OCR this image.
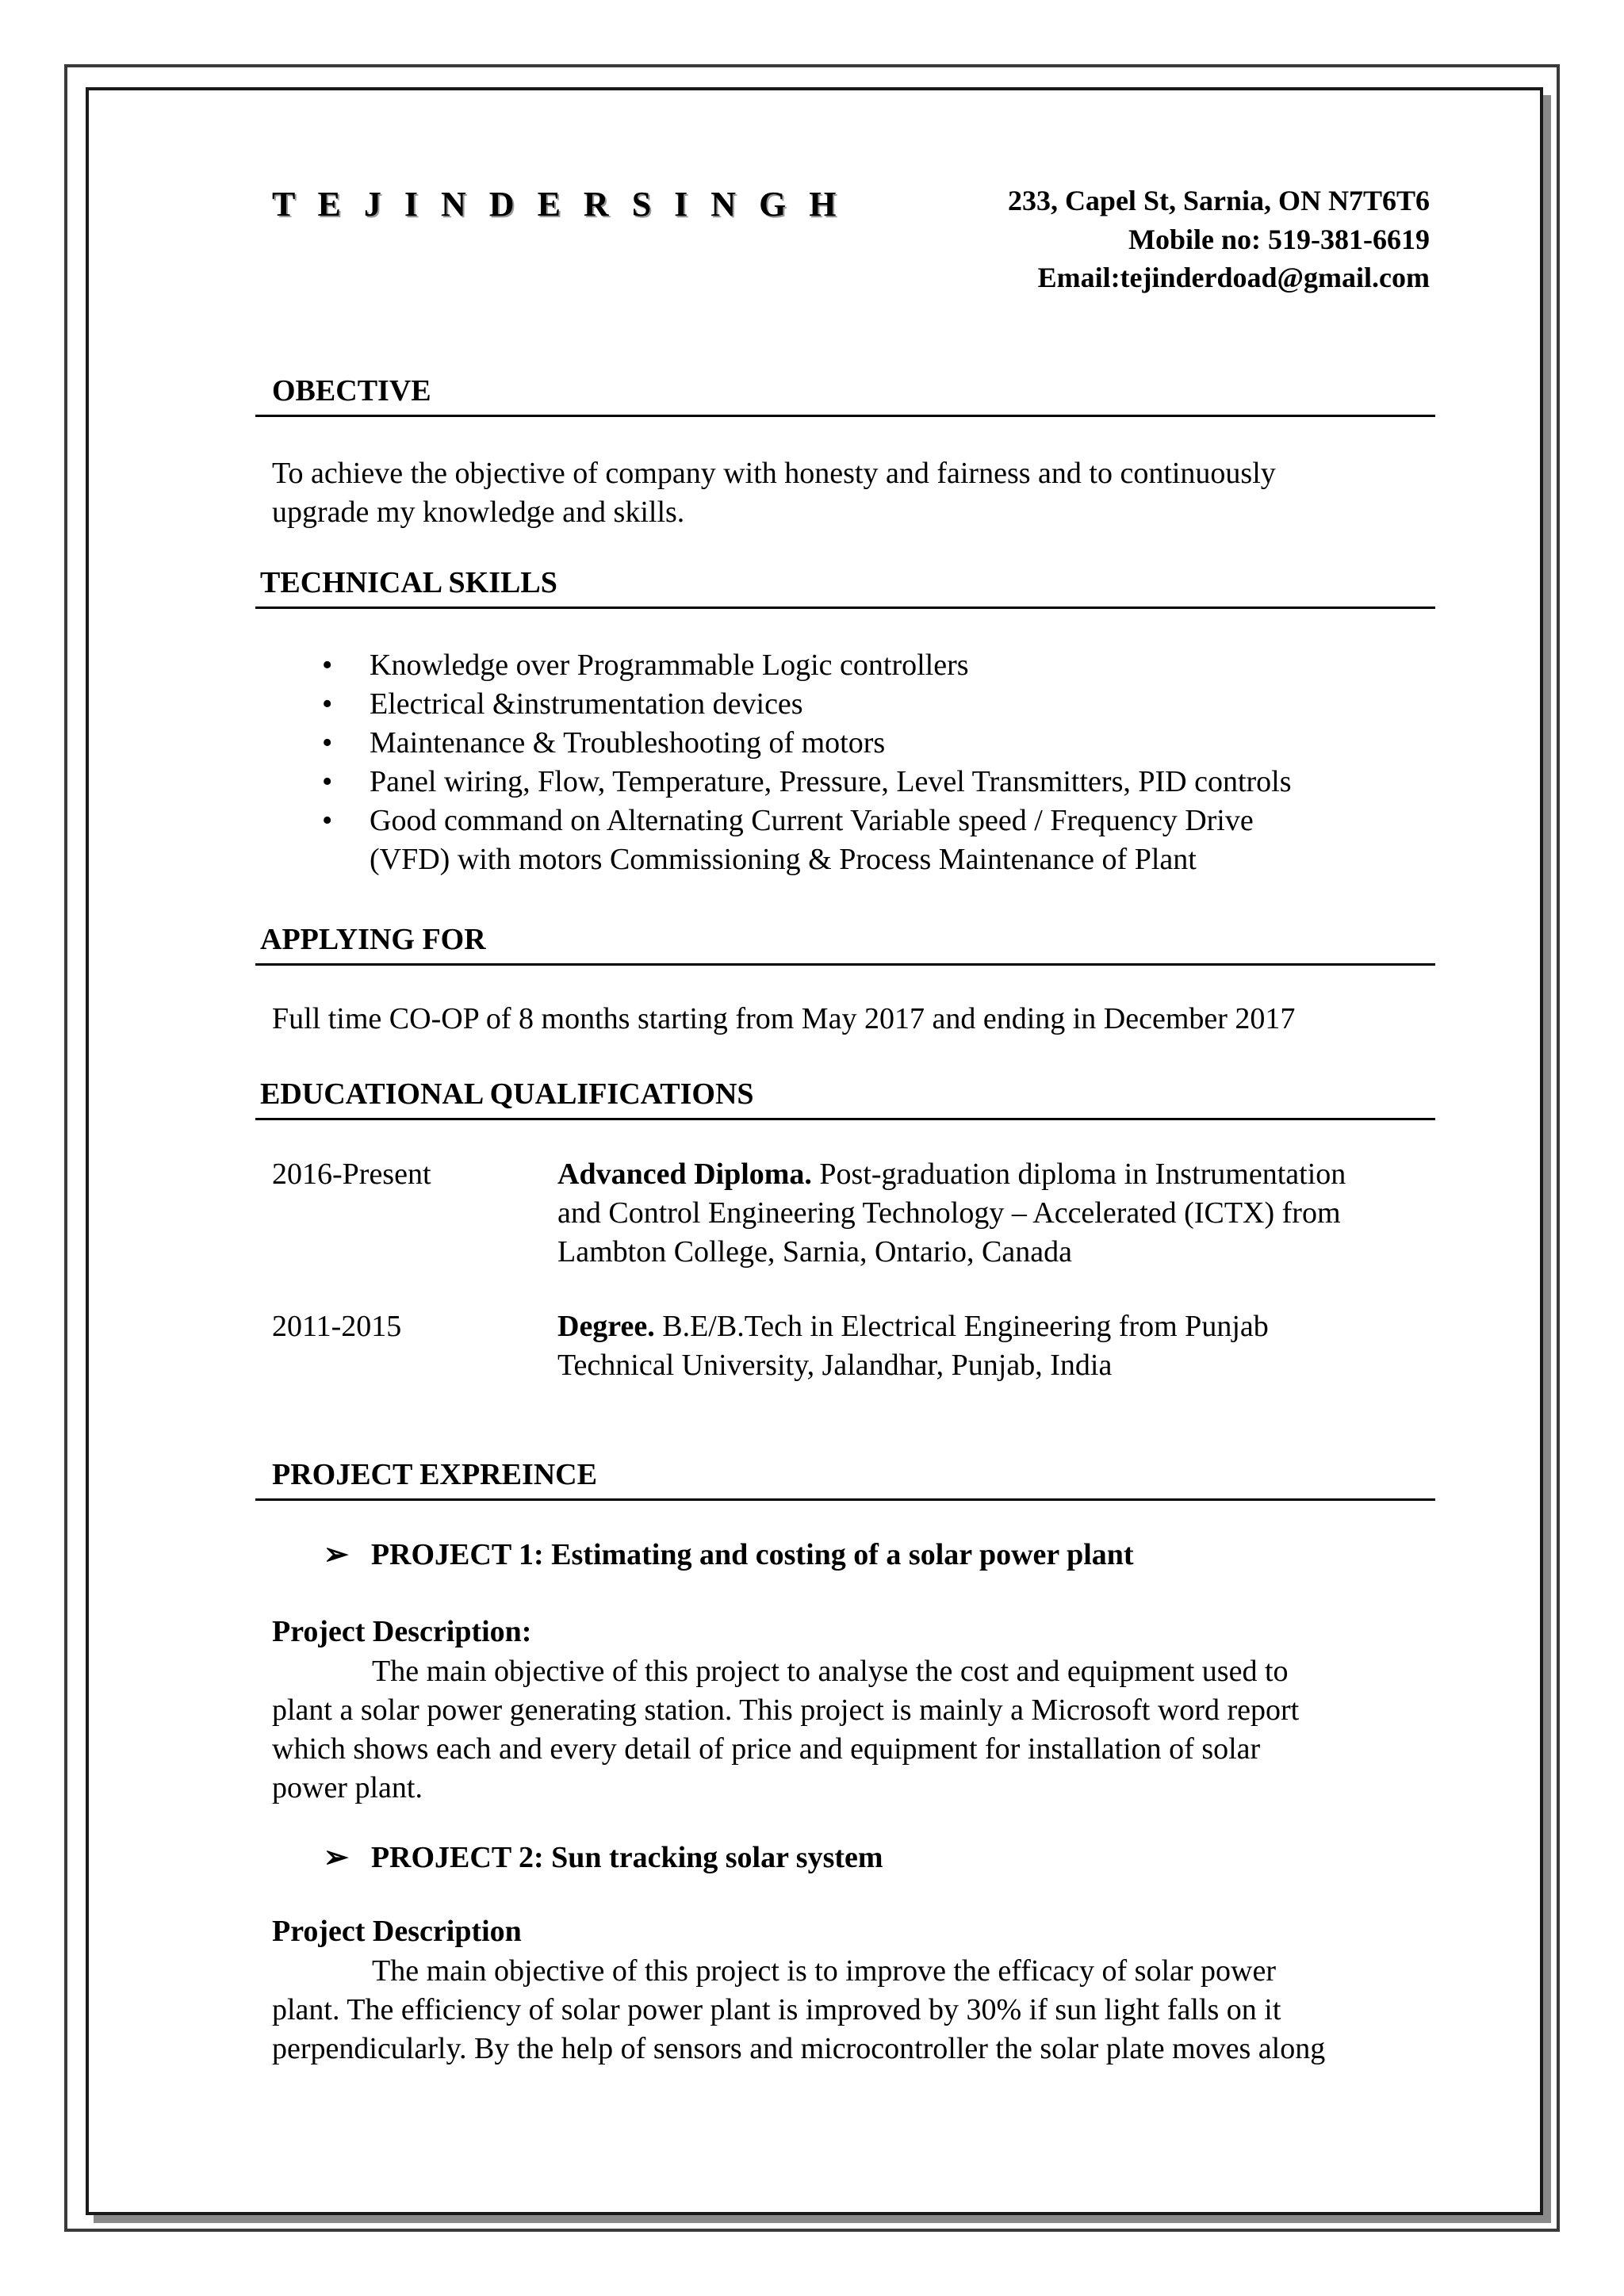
T E J I N D E R S I N G H	233, Capel St, Sarnia, ON N7T6T6
Mobile no: 519-381-6619
Email:tejinderdoad@gmail.com
OBECTIVE
To achieve the objective of company with honesty and fairness and to continuously
upgrade my knowledge and skills.
TECHNICAL SKILLS
• Knowledge over Programmable Logic controllers
• Electrical &instrumentation devices
• Maintenance & Troubleshooting of motors
• Panel wiring, Flow, Temperature, Pressure, Level Transmitters, PID controls
• Good command on Alternating Current Variable speed / Frequency Drive
(VFD) with motors Commissioning & Process Maintenance of Plant
APPLYING FOR
Full time CO-OP of 8 months starting from May 2017 and ending in December 2017
EDUCATIONAL QUALIFICATIONS
2016-Present	Advanced Diploma. Post-graduation diploma in Instrumentation
and Control Engineering Technology – Accelerated (ICTX) from
Lambton College, Sarnia, Ontario, Canada
2011-2015	Degree. B.E/B.Tech in Electrical Engineering from Punjab
Technical University, Jalandhar, Punjab, India
PROJECT EXPREINCE
➢ PROJECT 1: Estimating and costing of a solar power plant
Project Description:
The main objective of this project to analyse the cost and equipment used to
plant a solar power generating station. This project is mainly a Microsoft word report
which shows each and every detail of price and equipment for installation of solar
power plant.
➢ PROJECT 2: Sun tracking solar system
Project Description
The main objective of this project is to improve the efficacy of solar power
plant. The efficiency of solar power plant is improved by 30% if sun light falls on it
perpendicularly. By the help of sensors and microcontroller the solar plate moves along
